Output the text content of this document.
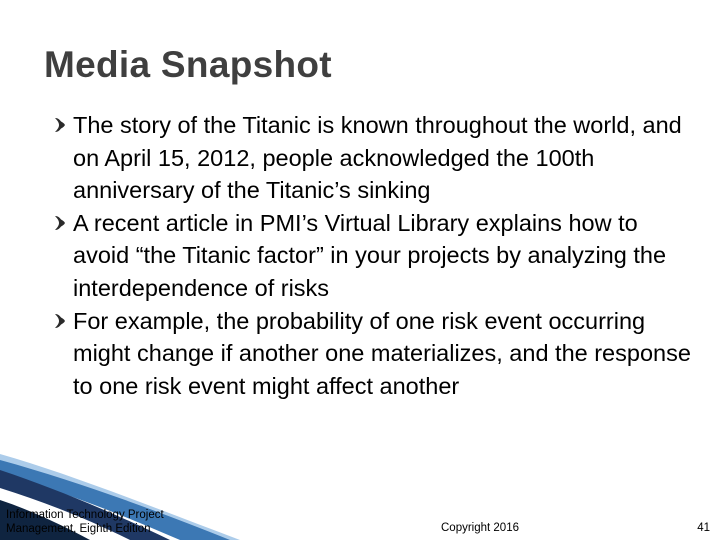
Media Snapshot
The story of the Titanic is known throughout the world, and on April 15, 2012, people acknowledged the 100th anniversary of the Titanic’s sinking
A recent article in PMI’s Virtual Library explains how to avoid “the Titanic factor” in your projects by analyzing the interdependence of risks
For example, the probability of one risk event occurring might change if another one materializes, and the response to one risk event might affect another
Information Technology Project
Management, Eighth Edition	Copyright 2016	41
